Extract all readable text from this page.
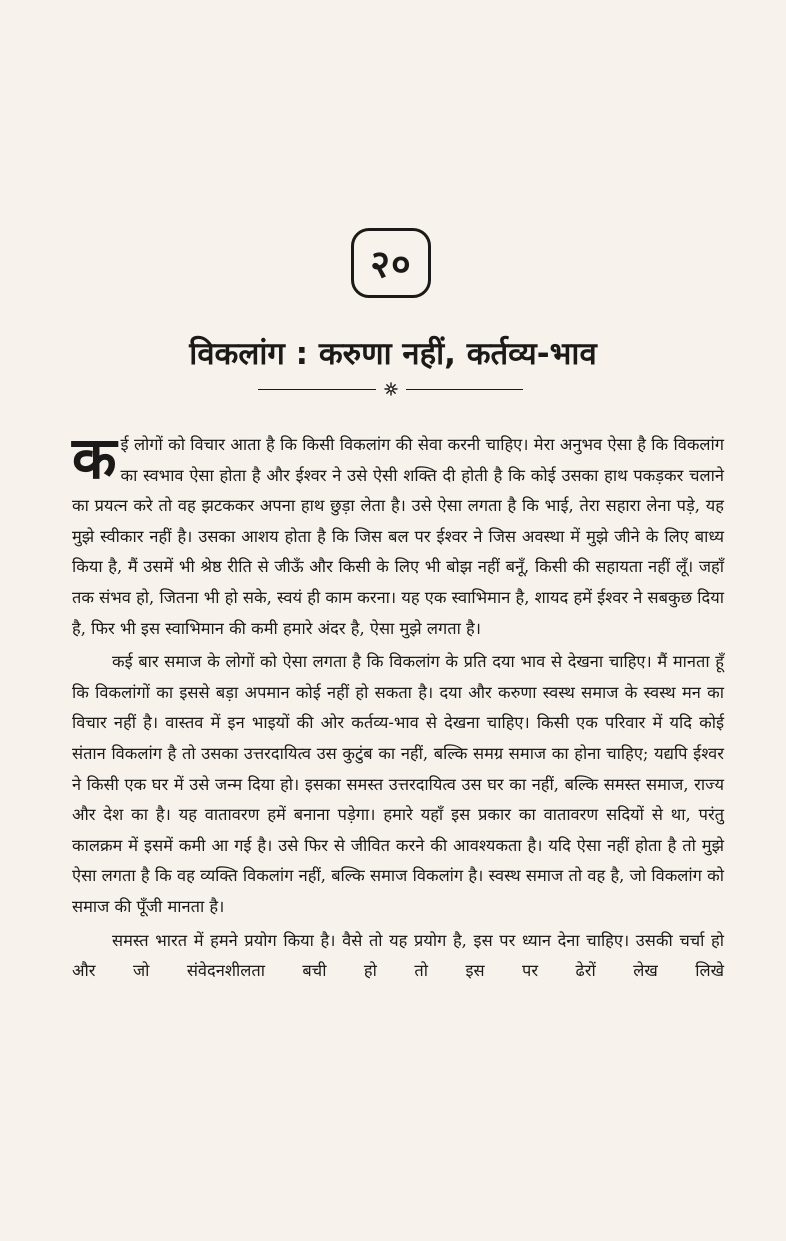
२०
विकलांग : करुणा नहीं, कर्तव्य-भाव

कई लोगों को विचार आता है कि किसी विकलांग की सेवा करनी चाहिए। मेरा अनुभव ऐसा है कि विकलांग का स्वभाव ऐसा होता है और ईश्वर ने उसे ऐसी शक्ति दी होती है कि कोई उसका हाथ पकड़कर चलाने का प्रयत्न करे तो वह झटककर अपना हाथ छुड़ा लेता है। उसे ऐसा लगता है कि भाई, तेरा सहारा लेना पड़े, यह मुझे स्वीकार नहीं है। उसका आशय होता है कि जिस बल पर ईश्वर ने जिस अवस्था में मुझे जीने के लिए बाध्य किया है, मैं उसमें भी श्रेष्ठ रीति से जीऊँ और किसी के लिए भी बोझ नहीं बनूँ, किसी की सहायता नहीं लूँ। जहाँ तक संभव हो, जितना भी हो सके, स्वयं ही काम करना। यह एक स्वाभिमान है, शायद हमें ईश्वर ने सबकुछ दिया है, फिर भी इस स्वाभिमान की कमी हमारे अंदर है, ऐसा मुझे लगता है।

कई बार समाज के लोगों को ऐसा लगता है कि विकलांग के प्रति दया भाव से देखना चाहिए। मैं मानता हूँ कि विकलांगों का इससे बड़ा अपमान कोई नहीं हो सकता है। दया और करुणा स्वस्थ समाज के स्वस्थ मन का विचार नहीं है। वास्तव में इन भाइयों की ओर कर्तव्य-भाव से देखना चाहिए। किसी एक परिवार में यदि कोई संतान विकलांग है तो उसका उत्तरदायित्व उस कुटुंब का नहीं, बल्कि समग्र समाज का होना चाहिए; यद्यपि ईश्वर ने किसी एक घर में उसे जन्म दिया हो। इसका समस्त उत्तरदायित्व उस घर का नहीं, बल्कि समस्त समाज, राज्य और देश का है। यह वातावरण हमें बनाना पड़ेगा। हमारे यहाँ इस प्रकार का वातावरण सदियों से था, परंतु कालक्रम में इसमें कमी आ गई है। उसे फिर से जीवित करने की आवश्यकता है। यदि ऐसा नहीं होता है तो मुझे ऐसा लगता है कि वह व्यक्ति विकलांग नहीं, बल्कि समाज विकलांग है। स्वस्थ समाज तो वह है, जो विकलांग को समाज की पूँजी मानता है।

समस्त भारत में हमने प्रयोग किया है। वैसे तो यह प्रयोग है, इस पर ध्यान देना चाहिए। उसकी चर्चा हो और जो संवेदनशीलता बची हो तो इस पर ढेरों लेख लिखे
